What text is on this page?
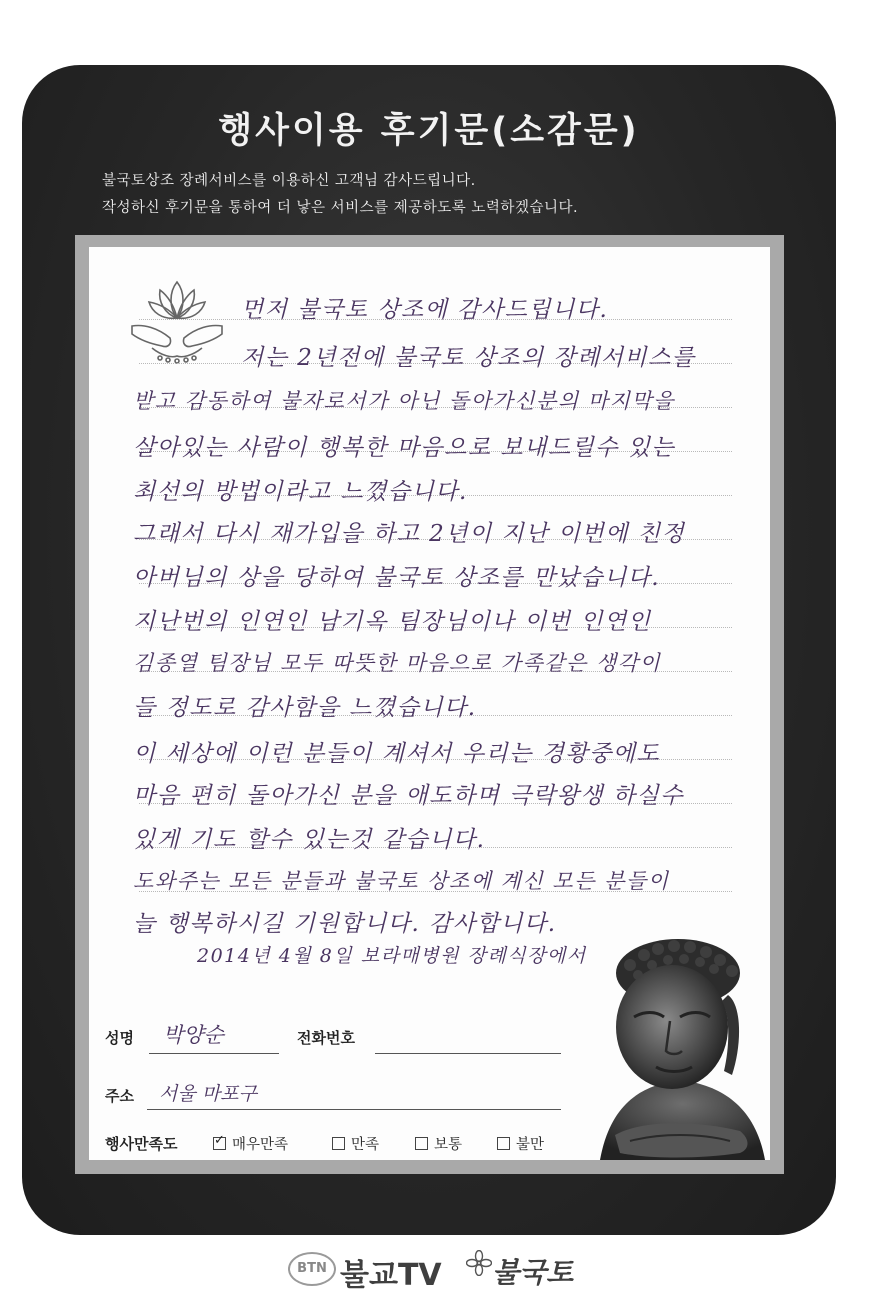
행사이용 후기문(소감문)
불국토상조 장례서비스를 이용하신 고객님 감사드립니다.
작성하신 후기문을 통하여 더 낳은 서비스를 제공하도록 노력하겠습니다.
먼저 불국토 상조에 감사드립니다.
저는 2년전에 불국토 상조의 장례서비스를
받고 감동하여 불자로서가 아닌 돌아가신분의 마지막을
살아있는 사람이 행복한 마음으로 보내드릴수 있는
최선의 방법이라고 느꼈습니다.
그래서 다시 재가입을 하고 2년이 지난 이번에 친정
아버님의 상을 당하여 불국토 상조를 만났습니다.
지난번의 인연인 남기옥 팀장님이나 이번 인연인
김종열 팀장님 모두 따뜻한 마음으로 가족같은 생각이
들 정도로 감사함을 느꼈습니다.
이 세상에 이런 분들이 계셔서 우리는 경황중에도
마음 편히 돌아가신 분을 애도하며 극락왕생 하실수
있게 기도 할수 있는것 같습니다.
도와주는 모든 분들과 불국토 상조에 계신 모든 분들이
늘 행복하시길 기원합니다. 감사합니다.
2014년 4월 8일 보라매병원 장례식장에서
성명 박양순	전화번호
주소 서울 마포구
행사만족도
✓	매우만족	만족	보통	불만
BTN 불교TV 불국토
